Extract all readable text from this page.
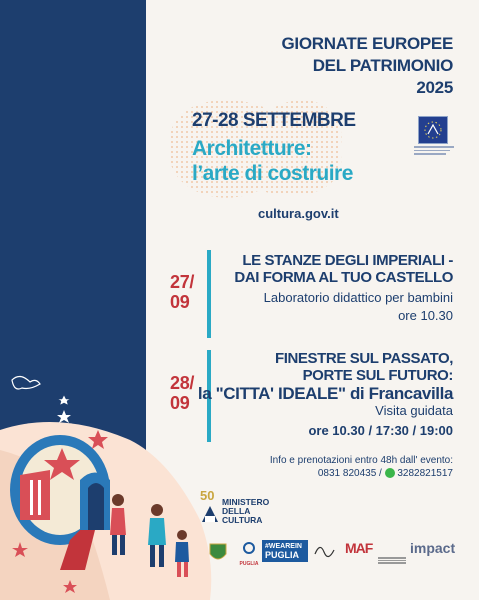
GIORNATE EUROPEE
DEL PATRIMONIO
2025
27-28 SETTEMBRE
Architetture:
l’arte di costruire
cultura.gov.it
27/
09
LE STANZE DEGLI IMPERIALI -
DAI FORMA AL TUO CASTELLO
Laboratorio didattico per bambini
ore 10.30
28/
09
FINESTRE SUL PASSATO,
PORTE SUL FUTURO:
la "CITTA' IDEALE" di Francavilla
Visita guidata
ore 10.30 / 17:30 / 19:00
Info e prenotazioni entro 48h dall' evento:
0831 820435 / 3282821517
50 MINISTERO
DELLA
CULTURA
PUGLIA
#WEAREIN
PUGLIA	MAF	impact
